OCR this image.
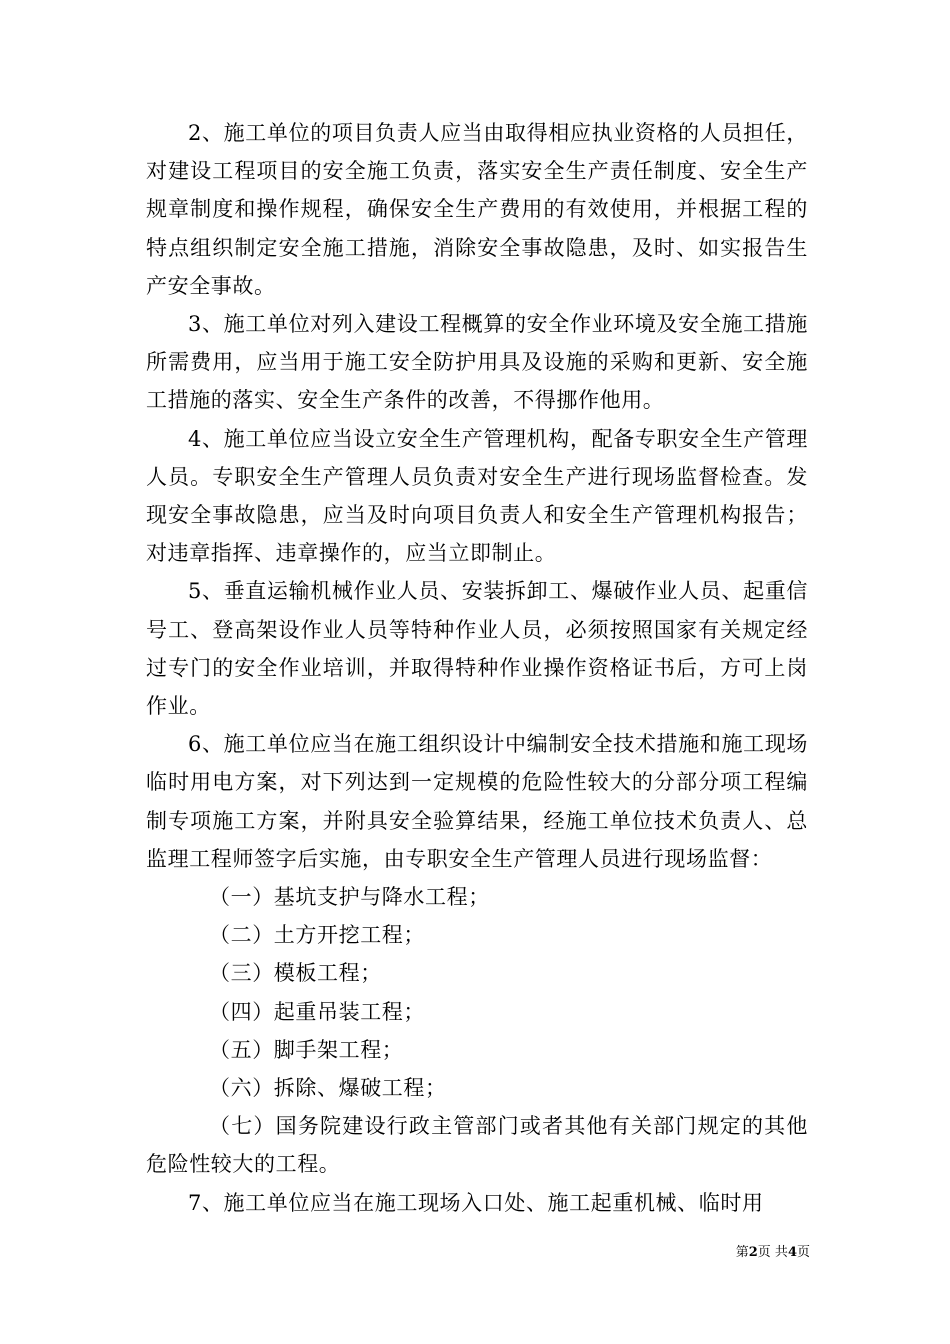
2、施工单位的项目负责人应当由取得相应执业资格的人员担任，对建设工程项目的安全施工负责，落实安全生产责任制度、安全生产规章制度和操作规程，确保安全生产费用的有效使用，并根据工程的特点组织制定安全施工措施，消除安全事故隐患，及时、如实报告生产安全事故。

3、施工单位对列入建设工程概算的安全作业环境及安全施工措施所需费用，应当用于施工安全防护用具及设施的采购和更新、安全施工措施的落实、安全生产条件的改善，不得挪作他用。

4、施工单位应当设立安全生产管理机构，配备专职安全生产管理人员。专职安全生产管理人员负责对安全生产进行现场监督检查。发现安全事故隐患，应当及时向项目负责人和安全生产管理机构报告；对违章指挥、违章操作的，应当立即制止。

5、垂直运输机械作业人员、安装拆卸工、爆破作业人员、起重信号工、登高架设作业人员等特种作业人员，必须按照国家有关规定经过专门的安全作业培训，并取得特种作业操作资格证书后，方可上岗作业。

6、施工单位应当在施工组织设计中编制安全技术措施和施工现场临时用电方案，对下列达到一定规模的危险性较大的分部分项工程编制专项施工方案，并附具安全验算结果，经施工单位技术负责人、总监理工程师签字后实施，由专职安全生产管理人员进行现场监督：

（一）基坑支护与降水工程；

（二）土方开挖工程；

（三）模板工程；

（四）起重吊装工程；

（五）脚手架工程；

（六）拆除、爆破工程；

（七）国务院建设行政主管部门或者其他有关部门规定的其他危险性较大的工程。

7、施工单位应当在施工现场入口处、施工起重机械、临时用

第2页 共4页
